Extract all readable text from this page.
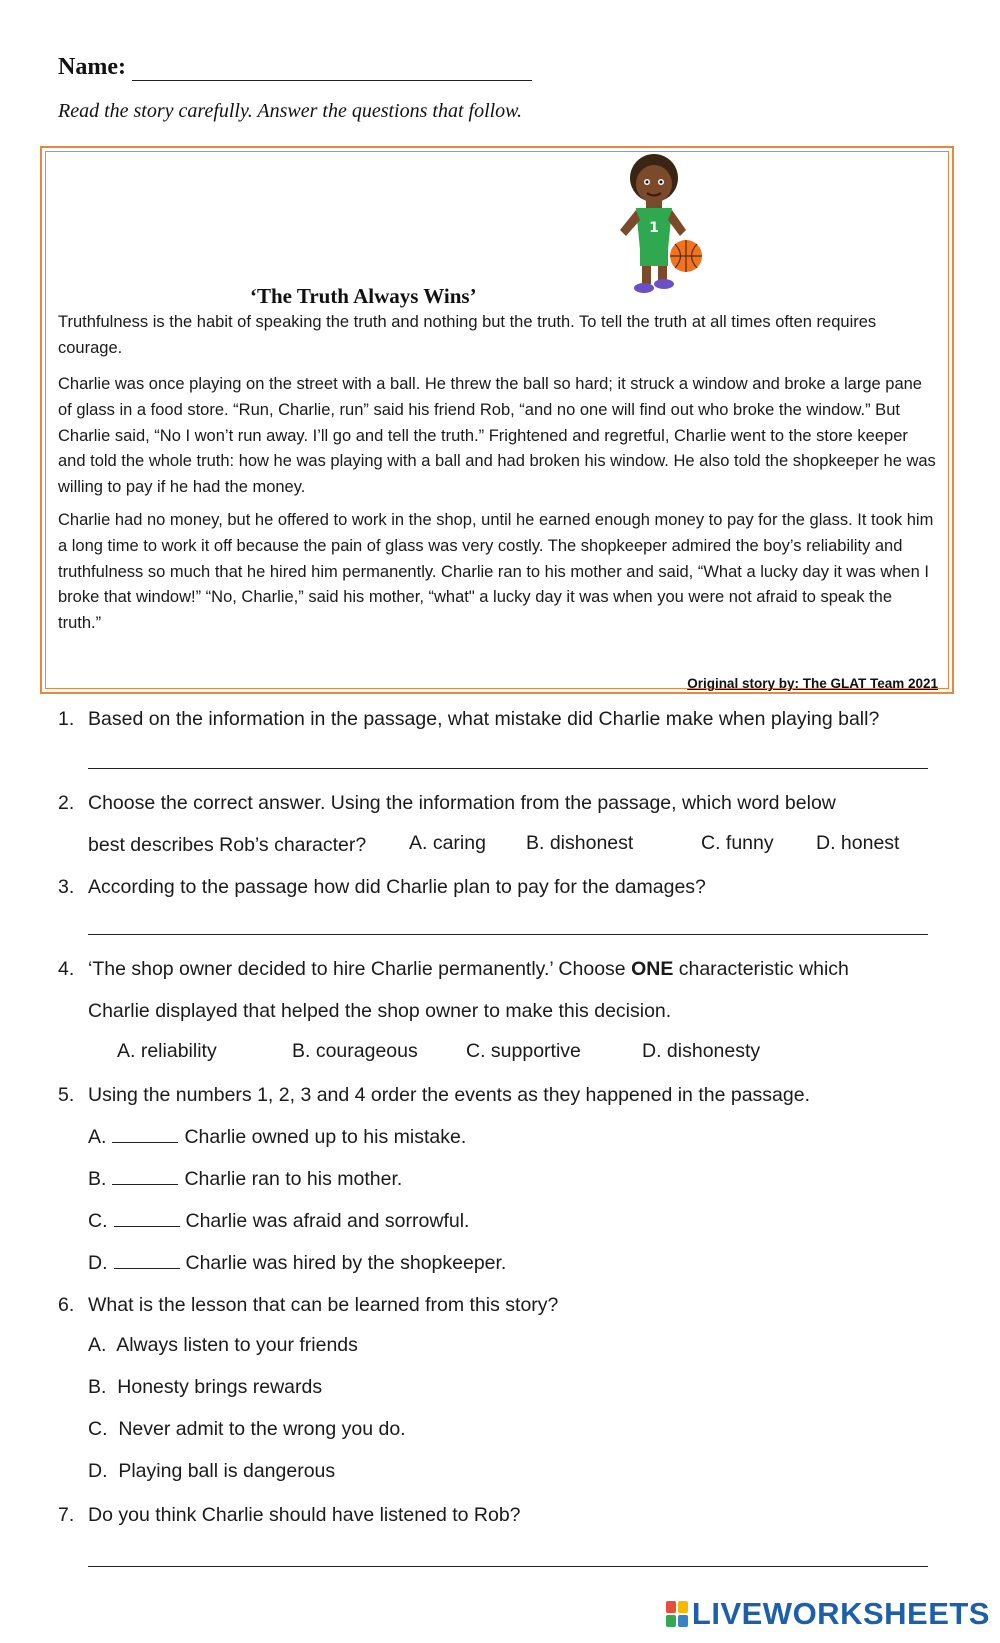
Name:
Read the story carefully. Answer the questions that follow.
1
‘The Truth Always Wins’
Truthfulness is the habit of speaking the truth and nothing but the truth. To tell the truth at all times often requires courage.
Charlie was once playing on the street with a ball. He threw the ball so hard; it struck a window and broke a large pane of glass in a food store. “Run, Charlie, run” said his friend Rob, “and no one will find out who broke the window.” But Charlie said, “No I won’t run away. I’ll go and tell the truth.” Frightened and regretful, Charlie went to the store keeper and told the whole truth: how he was playing with a ball and had broken his window. He also told the shopkeeper he was willing to pay if he had the money.
Charlie had no money, but he offered to work in the shop, until he earned enough money to pay for the glass. It took him a long time to work it off because the pain of glass was very costly. The shopkeeper admired the boy’s reliability and truthfulness so much that he hired him permanently. Charlie ran to his mother and said, “What a lucky day it was when I broke that window!” “No, Charlie,” said his mother, “what" a lucky day it was when you were not afraid to speak the truth.”
Original story by: The GLAT Team 2021
1. Based on the information in the passage, what mistake did Charlie make when playing ball?
2. Choose the correct answer. Using the information from the passage, which word below
best describes Rob’s character? A. caring B. dishonest	C. funny D. honest
3. According to the passage how did Charlie plan to pay for the damages?
4. ‘The shop owner decided to hire Charlie permanently.’ Choose ONE characteristic which
Charlie displayed that helped the shop owner to make this decision.
A. reliability	B. courageous C. supportive	D. dishonesty
5. Using the numbers 1, 2, 3 and 4 order the events as they happened in the passage.
A.	Charlie owned up to his mistake.
B.	Charlie ran to his mother.
C.	Charlie was afraid and sorrowful.
D.	Charlie was hired by the shopkeeper.
6. What is the lesson that can be learned from this story?
A. Always listen to your friends
B. Honesty brings rewards
C. Never admit to the wrong you do.
D. Playing ball is dangerous
7. Do you think Charlie should have listened to Rob?
LIVEWORKSHEETS
